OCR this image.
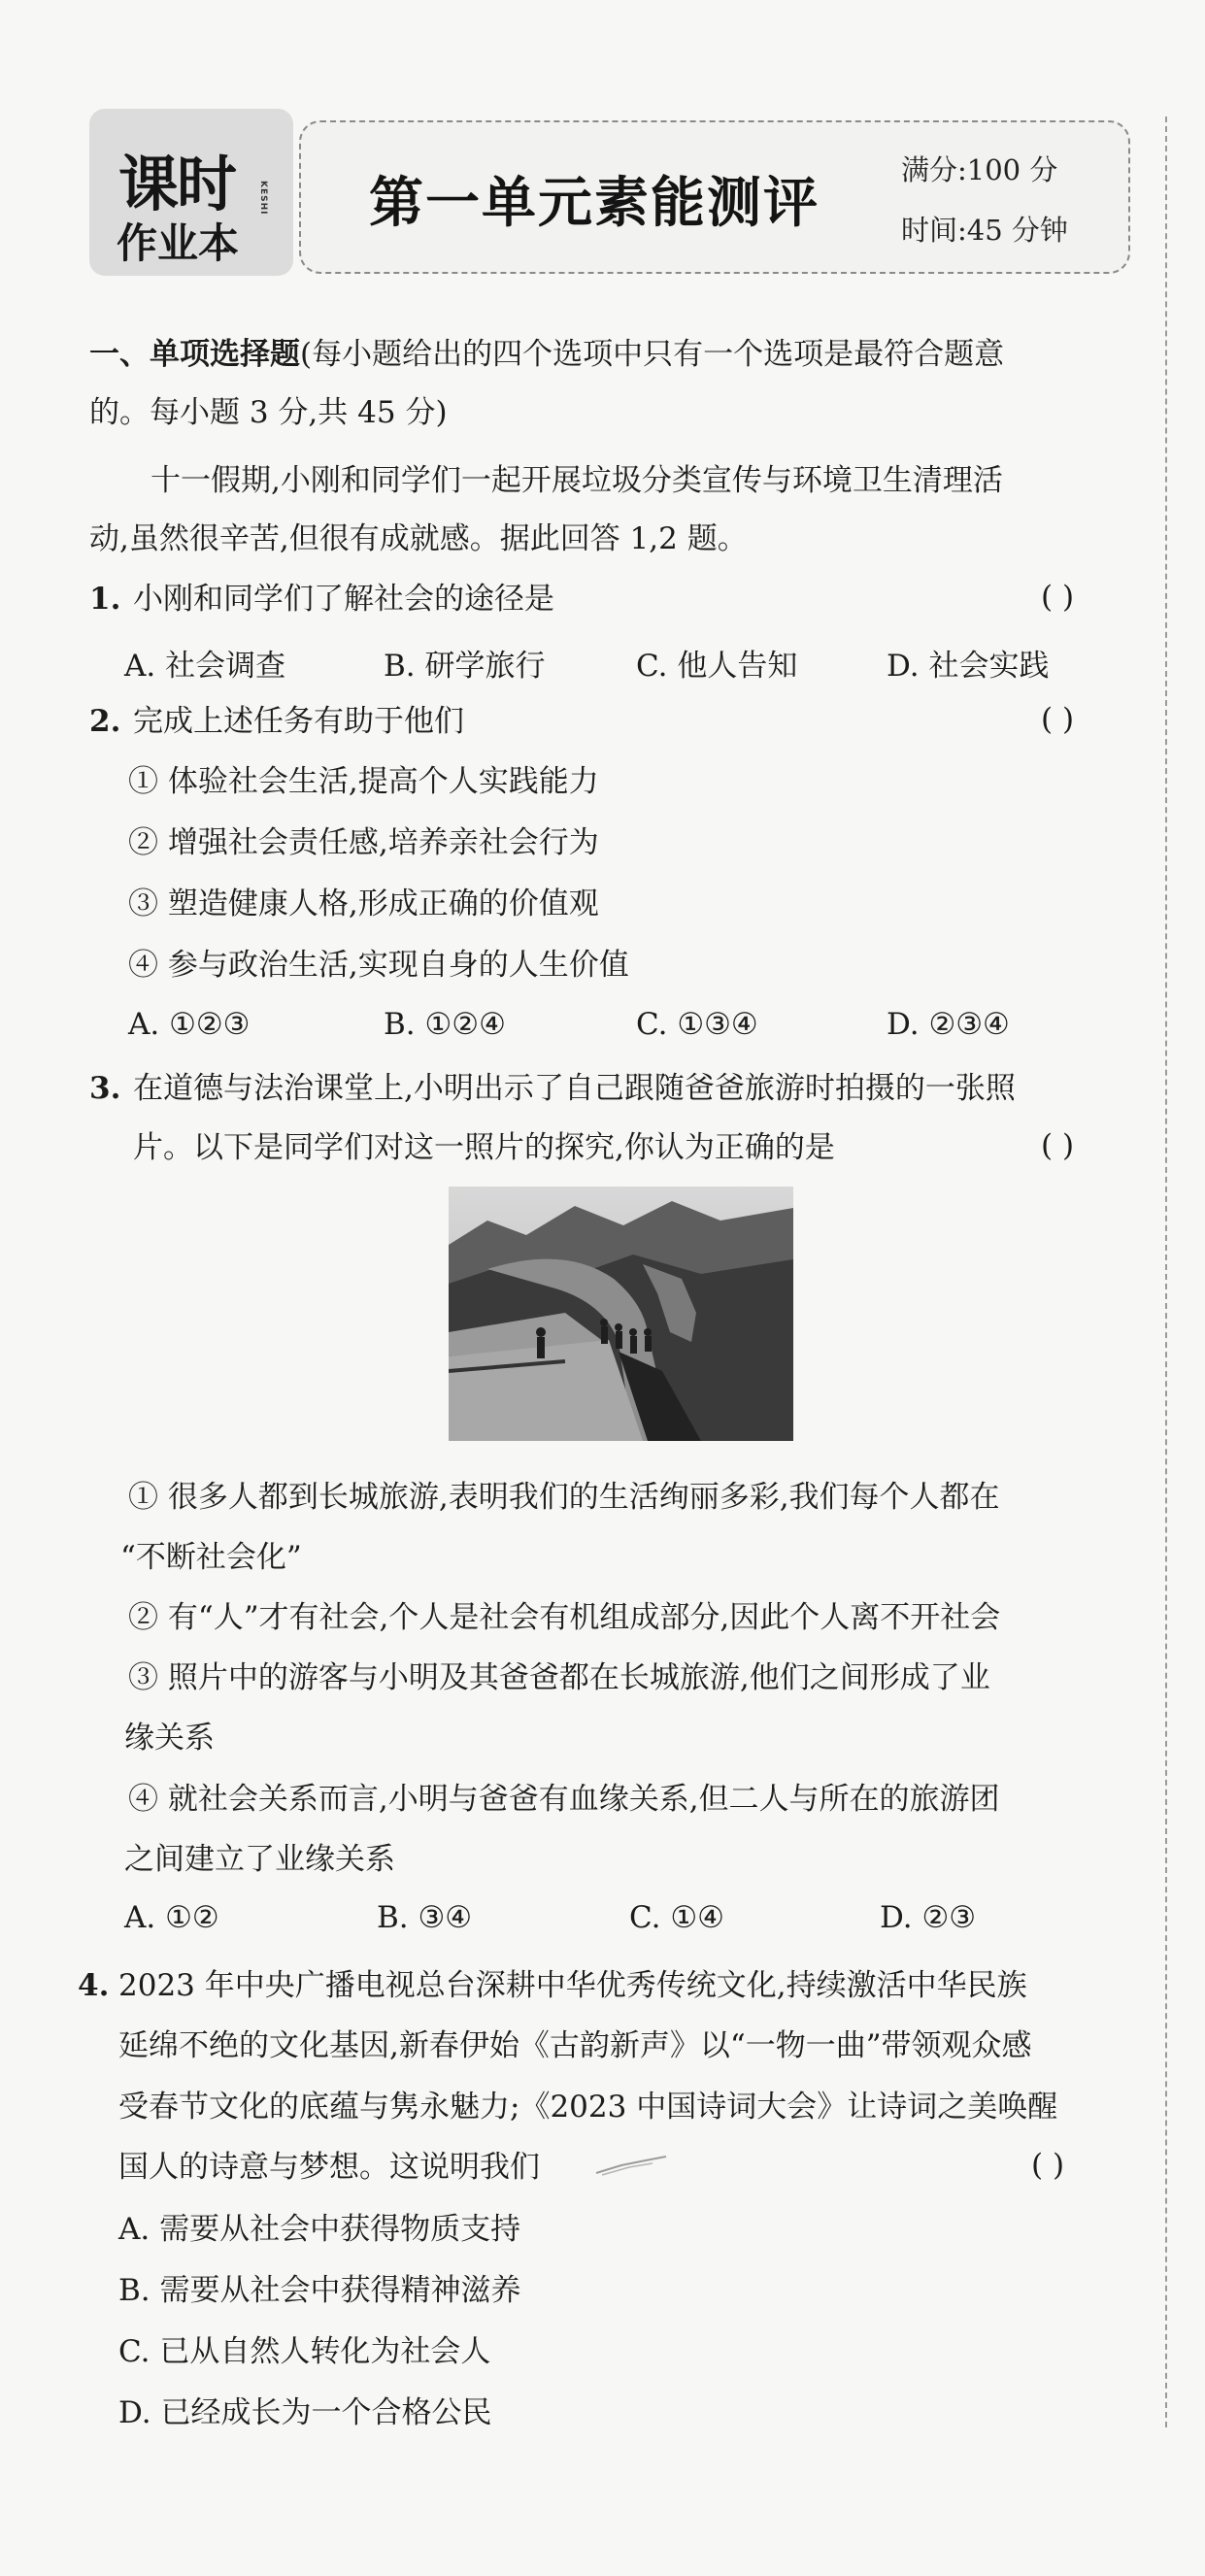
课时	KESHI
作业本
第一单元素能测评
满分:100 分
时间:45 分钟
一、单项选择题(每小题给出的四个选项中只有一个选项是最符合题意
的。每小题 3 分,共 45 分)
十一假期,小刚和同学们一起开展垃圾分类宣传与环境卫生清理活
动,虽然很辛苦,但很有成就感。据此回答 1,2 题。
1. 小刚和同学们了解社会的途径是	( )
A. 社会调查	B. 研学旅行	C. 他人告知	D. 社会实践
2. 完成上述任务有助于他们	( )
① 体验社会生活,提高个人实践能力
② 增强社会责任感,培养亲社会行为
③ 塑造健康人格,形成正确的价值观
④ 参与政治生活,实现自身的人生价值
A. ①②③	B. ①②④	C. ①③④	D. ②③④
3. 在道德与法治课堂上,小明出示了自己跟随爸爸旅游时拍摄的一张照
片。以下是同学们对这一照片的探究,你认为正确的是	( )
① 很多人都到长城旅游,表明我们的生活绚丽多彩,我们每个人都在
“不断社会化”
② 有“人”才有社会,个人是社会有机组成部分,因此个人离不开社会
③ 照片中的游客与小明及其爸爸都在长城旅游,他们之间形成了业
缘关系
④ 就社会关系而言,小明与爸爸有血缘关系,但二人与所在的旅游团
之间建立了业缘关系
A. ①②	B. ③④	C. ①④	D. ②③
4. 2023 年中央广播电视总台深耕中华优秀传统文化,持续激活中华民族
延绵不绝的文化基因,新春伊始《古韵新声》以“一物一曲”带领观众感
受春节文化的底蕴与隽永魅力;《2023 中国诗词大会》让诗词之美唤醒
国人的诗意与梦想。这说明我们	( )
A. 需要从社会中获得物质支持
B. 需要从社会中获得精神滋养
C. 已从自然人转化为社会人
D. 已经成长为一个合格公民
